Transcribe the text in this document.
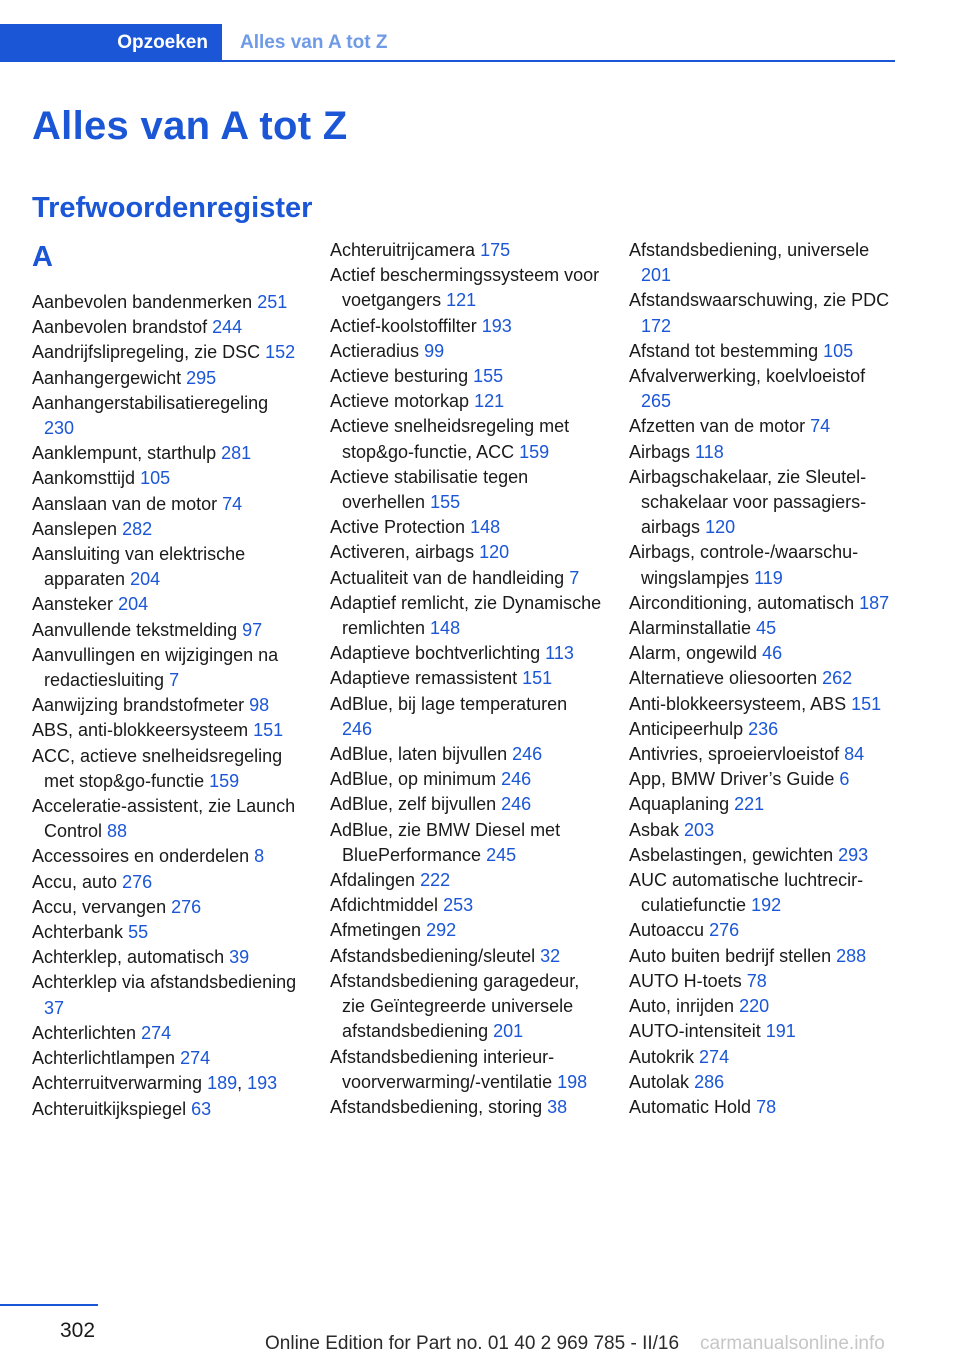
Opzoeken	Alles van A tot Z
Alles van A tot Z
Trefwoordenregister
A
Aanbevolen bandenmerken 251
Aanbevolen brandstof 244
Aandrijfslipregeling, zie DSC 152
Aanhangergewicht 295
Aanhangerstabilisatieregeling 230
Aanklempunt, starthulp 281
Aankomsttijd 105
Aanslaan van de motor 74
Aanslepen 282
Aansluiting van elektrische apparaten 204
Aansteker 204
Aanvullende tekstmelding 97
Aanvullingen en wijzigingen na redactiesluiting 7
Aanwijzing brandstofmeter 98
ABS, anti-blokkeersysteem 151
ACC, actieve snelheidsregeling met stop&go-functie 159
Acceleratie-assistent, zie Launch Control 88
Accessoires en onderdelen 8
Accu, auto 276
Accu, vervangen 276
Achterbank 55
Achterklep, automatisch 39
Achterklep via afstandsbediening 37
Achterlichten 274
Achterlichtlampen 274
Achterruitverwarming 189, 193
Achteruitkijkspiegel 63
Achteruitrijcamera 175
Actief beschermingssysteem voor voetgangers 121
Actief-koolstoffilter 193
Actieradius 99
Actieve besturing 155
Actieve motorkap 121
Actieve snelheidsregeling met stop&go-functie, ACC 159
Actieve stabilisatie tegen overhellen 155
Active Protection 148
Activeren, airbags 120
Actualiteit van de handleiding 7
Adaptief remlicht, zie Dynamische remlichten 148
Adaptieve bochtverlichting 113
Adaptieve remassistent 151
AdBlue, bij lage temperaturen 246
AdBlue, laten bijvullen 246
AdBlue, op minimum 246
AdBlue, zelf bijvullen 246
AdBlue, zie BMW Diesel met BluePerformance 245
Afdalingen 222
Afdichtmiddel 253
Afmetingen 292
Afstandsbediening/sleutel 32
Afstandsbediening garagedeur, zie Geïntegreerde universele afstandsbediening 201
Afstandsbediening interieurvoorverwarming/-ventilatie 198
Afstandsbediening, storing 38
Afstandsbediening, universele 201
Afstandswaarschuwing, zie PDC 172
Afstand tot bestemming 105
Afvalverwerking, koelvloeistof 265
Afzetten van de motor 74
Airbags 118
Airbagschakelaar, zie Sleutelschakelaar voor passagiersairbags 120
Airbags, controle-/waarschuwingslampjes 119
Airconditioning, automatisch 187
Alarminstallatie 45
Alarm, ongewild 46
Alternatieve oliesoorten 262
Anti-blokkeersysteem, ABS 151
Anticipeerhulp 236
Antivries, sproeiervloeistof 84
App, BMW Driver’s Guide 6
Aquaplaning 221
Asbak 203
Asbelastingen, gewichten 293
AUC automatische luchtrecirculatiefunctie 192
Autoaccu 276
Auto buiten bedrijf stellen 288
AUTO H-toets 78
Auto, inrijden 220
AUTO-intensiteit 191
Autokrik 274
Autolak 286
Automatic Hold 78
302
Online Edition for Part no. 01 40 2 969 785 - II/16 carmanualsonline.info
